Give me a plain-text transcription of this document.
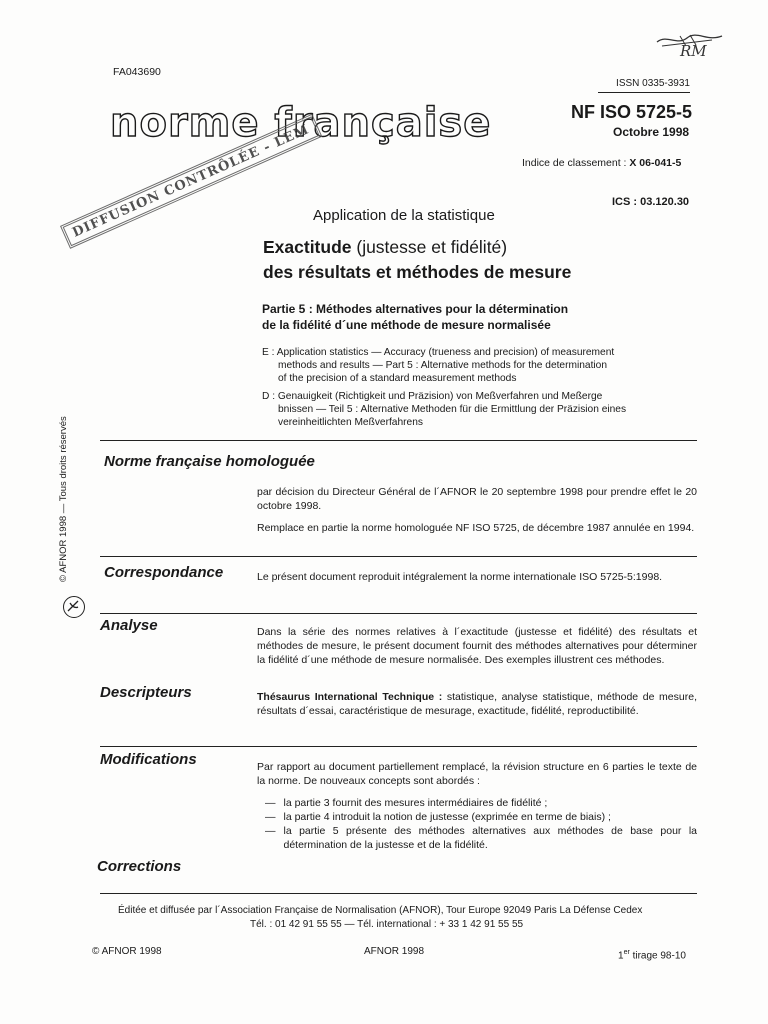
FA043690
ISSN 0335-3931
norme française	NF ISO 5725-5
Octobre 1998
Indice de classement : X 06-041-5
ICS : 03.120.30
RM
DIFFUSION CONTRÔLÉE - LEM Application de la statistique
Exactitude (justesse et fidélité)
des résultats et méthodes de mesure
Partie 5 : Méthodes alternatives pour la détermination
de la fidélité d´une méthode de mesure normalisée
E : Application statistics — Accuracy (trueness and precision) of measurement
methods and results — Part 5 : Alternative methods for the determination
of the precision of a standard measurement methods
D : Genauigkeit (Richtigkeit und Präzision) von Meßverfahren und Meßerge
bnissen — Teil 5 : Alternative Methoden für die Ermittlung der Präzision eines
vereinheitlichten Meßverfahrens
© AFNOR 1998 — Tous droits réservés Norme française homologuée

par décision du Directeur Général de l´AFNOR le 20 septembre 1998 pour prendre effet le 20 octobre 1998.

Remplace en partie la norme homologuée NF ISO 5725, de décembre 1987 annulée en 1994.

Correspondance	Le présent document reproduit intégralement la norme internationale ISO 5725-5:1998.
Analyse	Dans la série des normes relatives à l´exactitude (justesse et fidélité) des résultats et méthodes de mesure, le présent document fournit des méthodes alternatives pour déterminer la fidélité d´une méthode de mesure normalisée. Des exemples illustrent ces méthodes.
Descripteurs	Thésaurus International Technique : statistique, analyse statistique, méthode de mesure, résultats d´essai, caractéristique de mesurage, exactitude, fidélité, reproductibilité.
Modifications	Par rapport au document partiellement remplacé, la révision structure en 6 parties le texte de la norme. De nouveaux concepts sont abordés :

— la partie 3 fournit des mesures intermédiaires de fidélité ;
— la partie 4 introduit la notion de justesse (exprimée en terme de biais) ;
— la partie 5 présente des méthodes alternatives aux méthodes de base pour la détermination de la justesse et de la fidélité.
Corrections
Éditée et diffusée par l´Association Française de Normalisation (AFNOR), Tour Europe 92049 Paris La Défense Cedex
Tél. : 01 42 91 55 55 — Tél. international : + 33 1 42 91 55 55
© AFNOR 1998	AFNOR 1998	1er tirage 98-10
